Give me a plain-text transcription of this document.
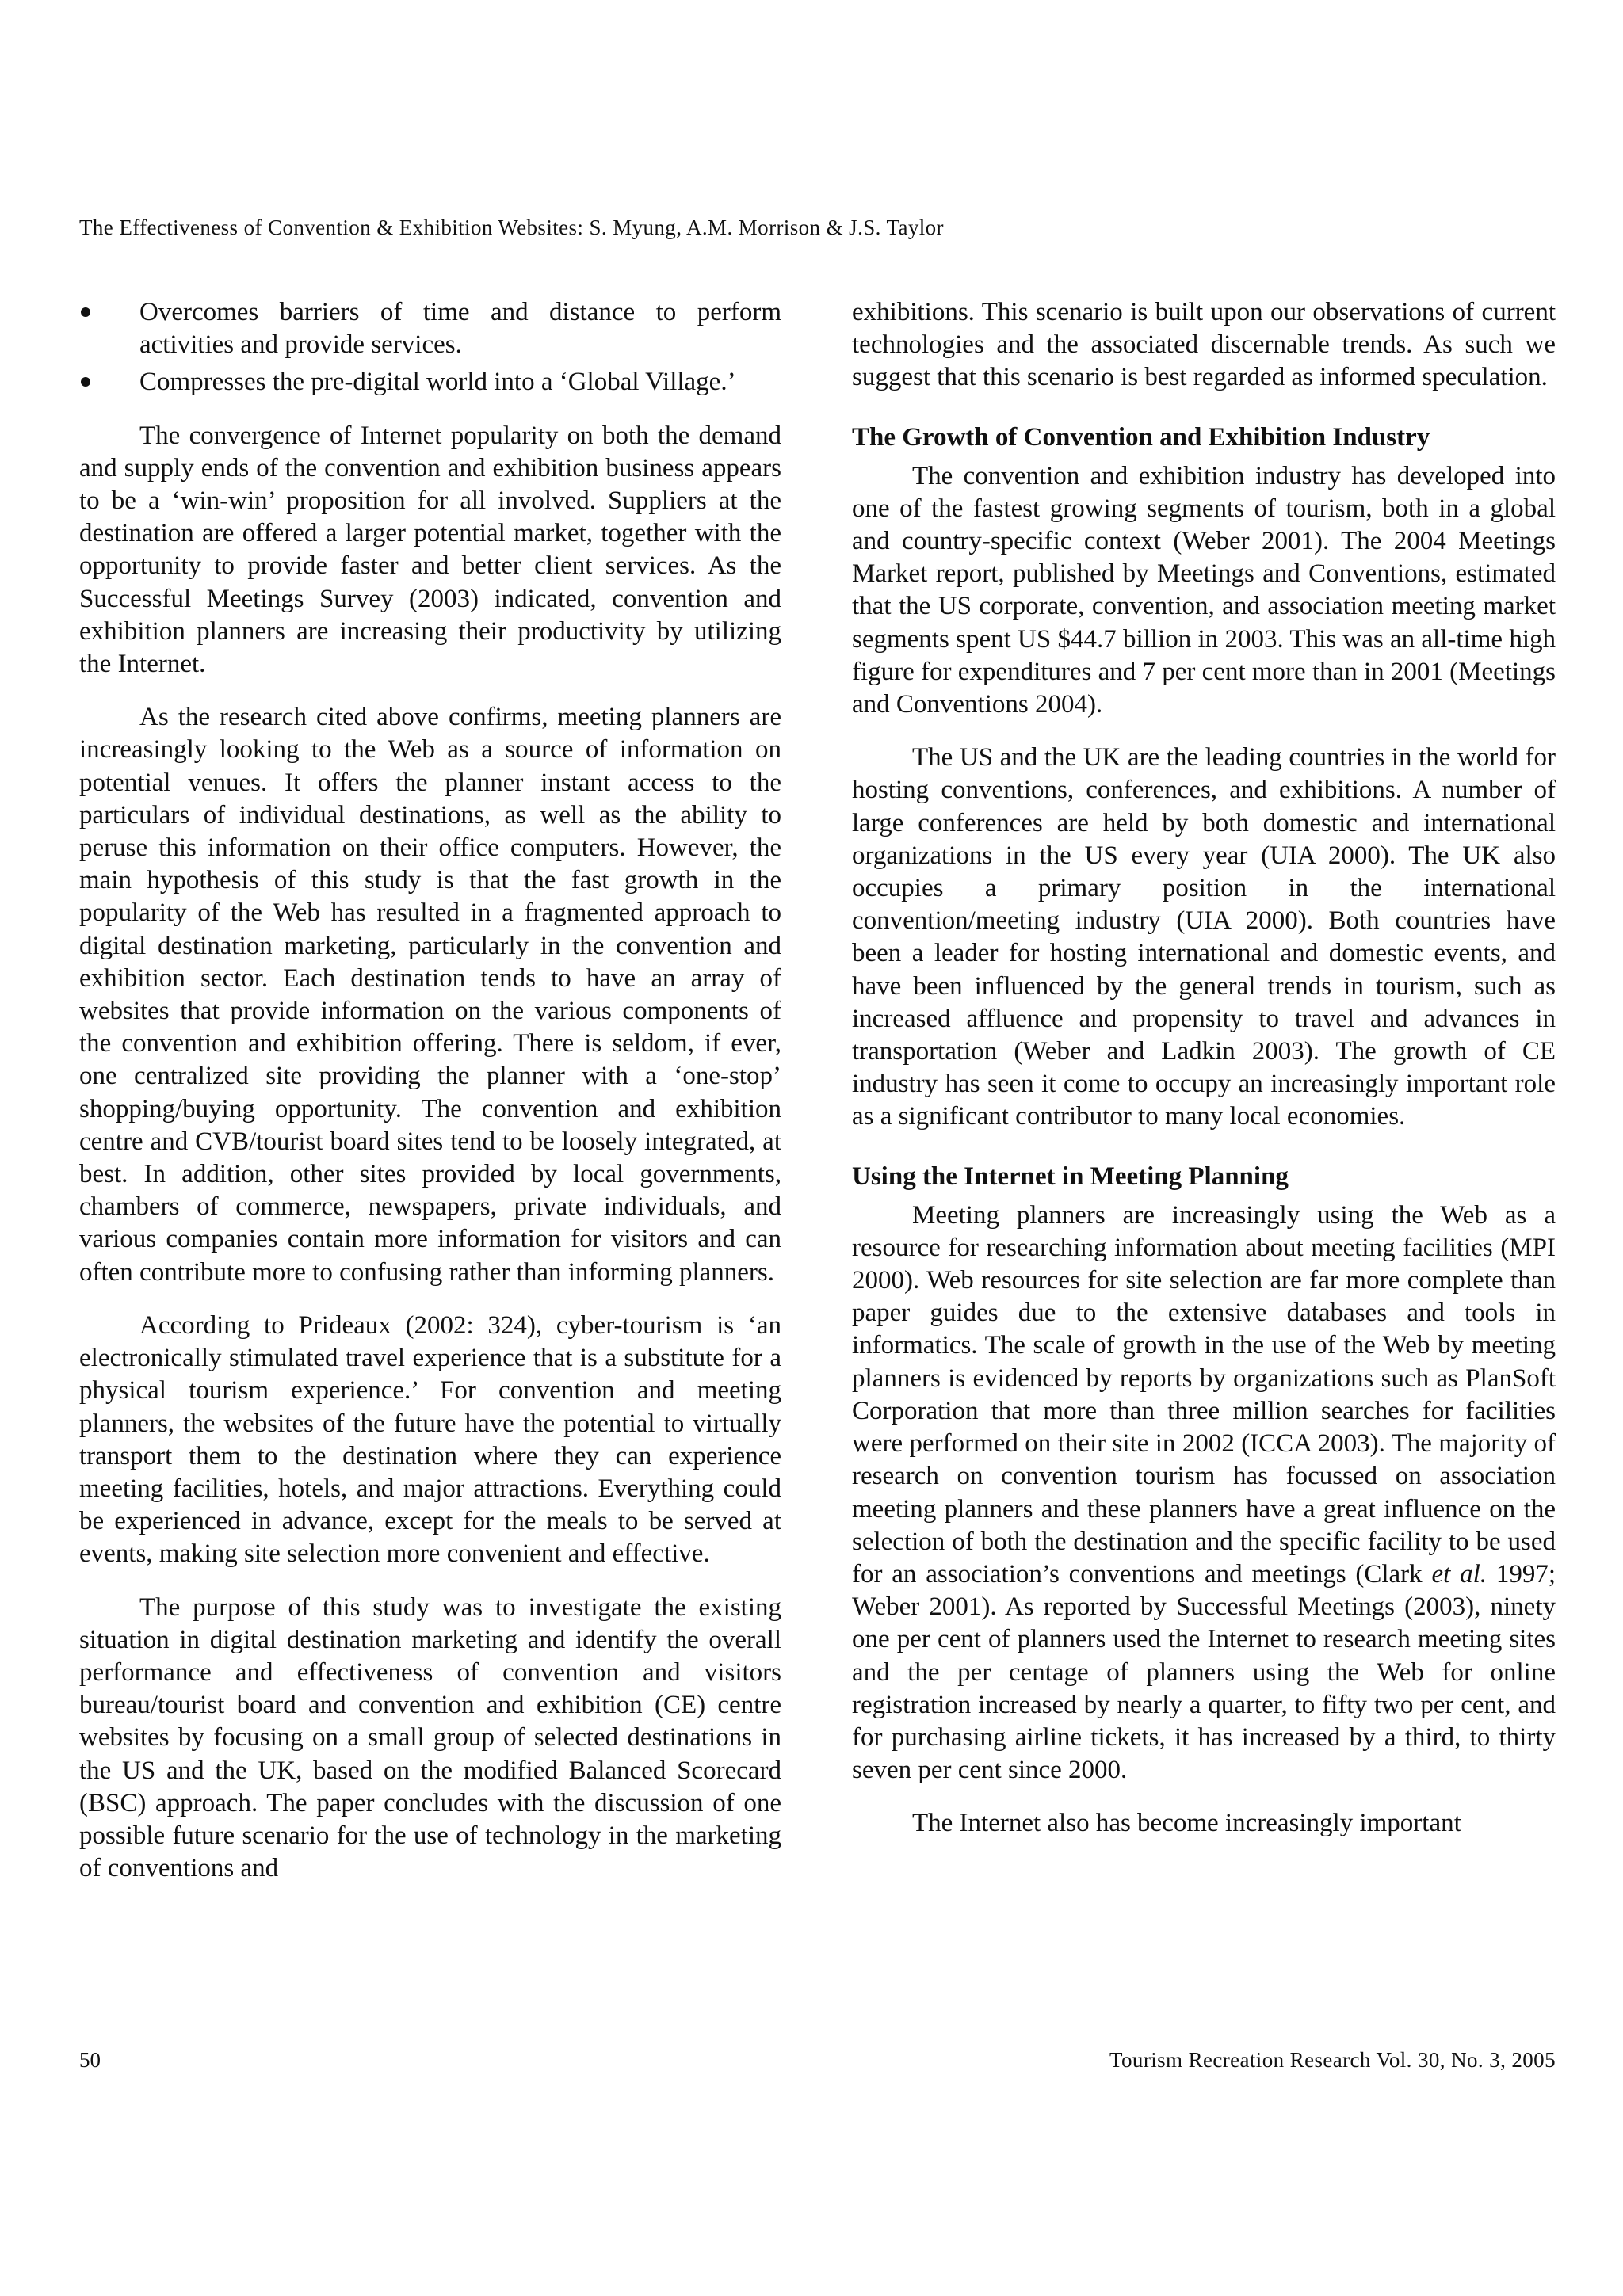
The Effectiveness of Convention & Exhibition Websites: S. Myung, A.M. Morrison & J.S. Taylor
Overcomes barriers of time and distance to perform activities and provide services.
Compresses the pre-digital world into a ‘Global Village.’

The convergence of Internet popularity on both the demand and supply ends of the convention and exhibition business appears to be a ‘win-win’ proposition for all involved. Suppliers at the destination are offered a larger potential market, together with the opportunity to provide faster and better client services. As the Successful Meetings Survey (2003) indicated, convention and exhibition planners are increasing their productivity by utilizing the Internet.

As the research cited above confirms, meeting planners are increasingly looking to the Web as a source of information on potential venues. It offers the planner instant access to the particulars of individual destinations, as well as the ability to peruse this information on their office computers. However, the main hypothesis of this study is that the fast growth in the popularity of the Web has resulted in a fragmented approach to digital destination marketing, particularly in the convention and exhibition sector. Each destination tends to have an array of websites that provide information on the various components of the convention and exhibition offering. There is seldom, if ever, one centralized site providing the planner with a ‘one-stop’ shopping/buying opportunity. The convention and exhibition centre and CVB/tourist board sites tend to be loosely integrated, at best. In addition, other sites provided by local governments, chambers of commerce, newspapers, private individuals, and various companies contain more information for visitors and can often contribute more to confusing rather than informing planners.

According to Prideaux (2002: 324), cyber-tourism is ‘an electronically stimulated travel experience that is a substitute for a physical tourism experience.’ For convention and meeting planners, the websites of the future have the potential to virtually transport them to the destination where they can experience meeting facilities, hotels, and major attractions. Everything could be experienced in advance, except for the meals to be served at events, making site selection more convenient and effective.

The purpose of this study was to investigate the existing situation in digital destination marketing and identify the overall performance and effectiveness of convention and visitors bureau/tourist board and convention and exhibition (CE) centre websites by focusing on a small group of selected destinations in the US and the UK, based on the modified Balanced Scorecard (BSC) approach. The paper concludes with the discussion of one possible future scenario for the use of technology in the marketing of conventions and

exhibitions. This scenario is built upon our observations of current technologies and the associated discernable trends. As such we suggest that this scenario is best regarded as informed speculation.

The Growth of Convention and Exhibition Industry

The convention and exhibition industry has developed into one of the fastest growing segments of tourism, both in a global and country-specific context (Weber 2001). The 2004 Meetings Market report, published by Meetings and Conventions, estimated that the US corporate, convention, and association meeting market segments spent US $44.7 billion in 2003. This was an all-time high figure for expenditures and 7 per cent more than in 2001 (Meetings and Conventions 2004).

The US and the UK are the leading countries in the world for hosting conventions, conferences, and exhibitions. A number of large conferences are held by both domestic and international organizations in the US every year (UIA 2000). The UK also occupies a primary position in the international convention/meeting industry (UIA 2000). Both countries have been a leader for hosting international and domestic events, and have been influenced by the general trends in tourism, such as increased affluence and propensity to travel and advances in transportation (Weber and Ladkin 2003). The growth of CE industry has seen it come to occupy an increasingly important role as a significant contributor to many local economies.

Using the Internet in Meeting Planning

Meeting planners are increasingly using the Web as a resource for researching information about meeting facilities (MPI 2000). Web resources for site selection are far more complete than paper guides due to the extensive databases and tools in informatics. The scale of growth in the use of the Web by meeting planners is evidenced by reports by organizations such as PlanSoft Corporation that more than three million searches for facilities were performed on their site in 2002 (ICCA 2003). The majority of research on convention tourism has focussed on association meeting planners and these planners have a great influence on the selection of both the destination and the specific facility to be used for an association’s conventions and meetings (Clark et al. 1997; Weber 2001). As reported by Successful Meetings (2003), ninety one per cent of planners used the Internet to research meeting sites and the per centage of planners using the Web for online registration increased by nearly a quarter, to fifty two per cent, and for purchasing airline tickets, it has increased by a third, to thirty seven per cent since 2000.

The Internet also has become increasingly important

50	Tourism Recreation Research Vol. 30, No. 3, 2005
